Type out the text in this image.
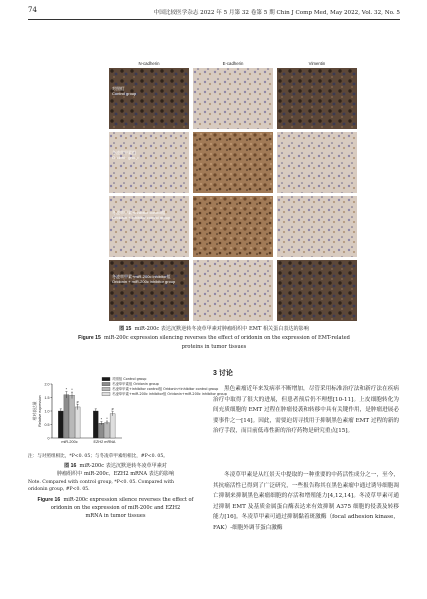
74	中国比较医学杂志 2022 年 5 月第 32 卷第 5 期 Chin J Comp Med, May 2022, Vol. 32, No. 5
N-cadherin	E-cadherin	Vimentin
对照组
Control group
冬凌草甲素组
Oridonin group
冬凌草甲素+inhibitor control组
Oridonin + inhibitor control group
冬凌草甲素+miR-200c inhibitor组
Oridonin + miR-200c inhibitor group
图 15 miR-200c 表达沉默逆转冬凌草甲素对肿瘤组织中 EMT 相关蛋白表达的影响
Figure 15 miR-200c expression silencing reverses the effect of oridonin on the expression of EMT-related
proteins in tumor tissues
0
0.5
1.0
1.5
2.0
相对表达量 Relative expression
* *
#
miR-200c
* *
#
EZH2 mRNA
对照组 Control group
冬凌草甲素组 Oridonin group
冬凌草甲素+inhibitor control组 Oridonin+inhibitor control group
冬凌草甲素+miR-200c inhibitor组 Oridonin+miR-200c inhibitor group
注：与对照组相比，*P<0. 05；与冬凌草甲素组相比，#P<0. 05。
图 16 miR-200c 表达沉默逆转冬凌草甲素对
肿瘤组织中 miR-200c、EZH2 mRNA 表达的影响
Note. Compared with control group, *P<0. 05. Compared with
oridonin group, #P<0. 05.
Figure 16 miR-200c expression silence reverses the effect of
oridonin on the expression of miR-200c and EZH2
mRNA in tumor tissues
3 讨论
黑色素瘤近年来发病率不断增加，尽管采用标准治疗法和新疗法在疾病治疗中取得了很大的进展，但患者预后仍不理想[10-11]。上皮细胞转化为间充质细胞的 EMT 过程在肿瘤侵袭和转移中具有关键作用，是肿瘤进展必要事件之一[14]。因此，需要迫切寻找用于抑制黑色素瘤 EMT 过程的新的治疗手段，而目前低毒性新的治疗药物是研究重点[15]。
冬凌草甲素是从红景天中提取的一种重要的中药活性成分之一，至今，其抗癌活性已得到了广泛研究，一些报告称其在黑色素瘤中通过诱导细胞凋亡抑制来抑制黑色素瘤细胞的存活和增殖能力[4,12,14]。冬凌草甲素可通过抑制 EMT 及基质金属蛋白酶表达来有效抑制 A375 细胞的侵袭及转移能力[16]。冬凌草甲素可通过抑制黏着斑激酶（focal adhesion kinase，FAK）-细胞外调节蛋白激酶
